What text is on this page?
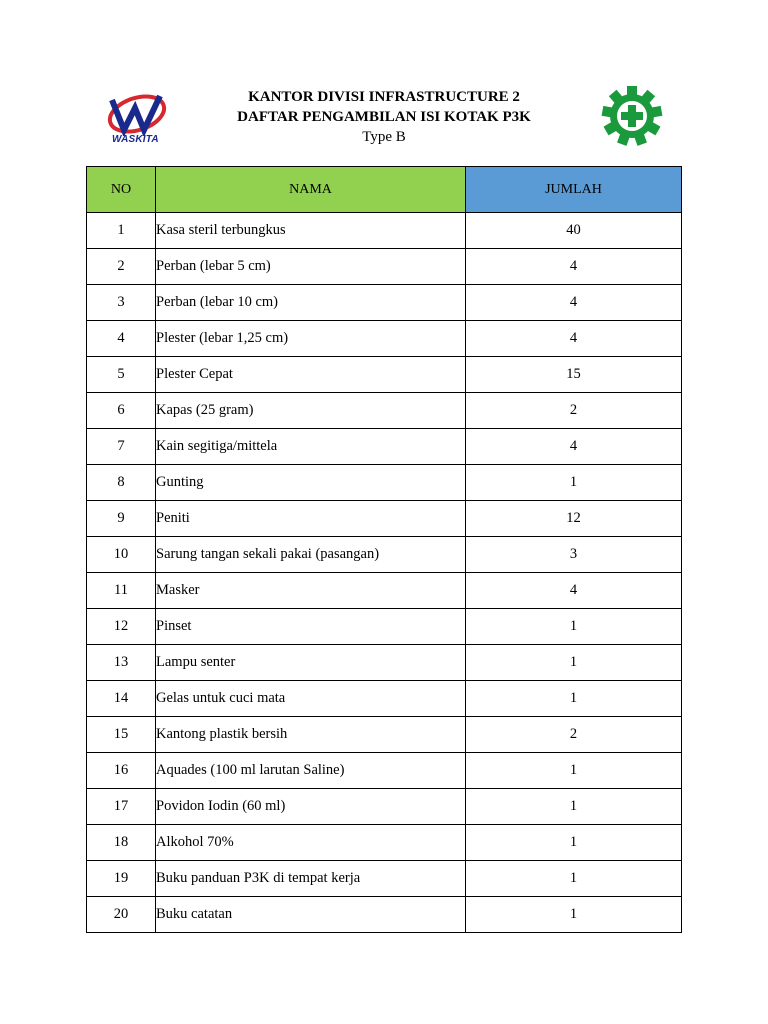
WASKITA
KANTOR DIVISI INFRASTRUCTURE 2
DAFTAR PENGAMBILAN ISI KOTAK P3K
Type B
NO	NAMA	JUMLAH
1	Kasa steril terbungkus	40
2	Perban (lebar 5 cm)	4
3	Perban (lebar 10 cm)	4
4	Plester (lebar 1,25 cm)	4
5	Plester Cepat	15
6	Kapas (25 gram)	2
7	Kain segitiga/mittela	4
8	Gunting	1
9	Peniti	12
10	Sarung tangan sekali pakai (pasangan)	3
11	Masker	4
12	Pinset	1
13	Lampu senter	1
14	Gelas untuk cuci mata	1
15	Kantong plastik bersih	2
16	Aquades (100 ml larutan Saline)	1
17	Povidon Iodin (60 ml)	1
18	Alkohol 70%	1
19	Buku panduan P3K di tempat kerja	1
20	Buku catatan	1
